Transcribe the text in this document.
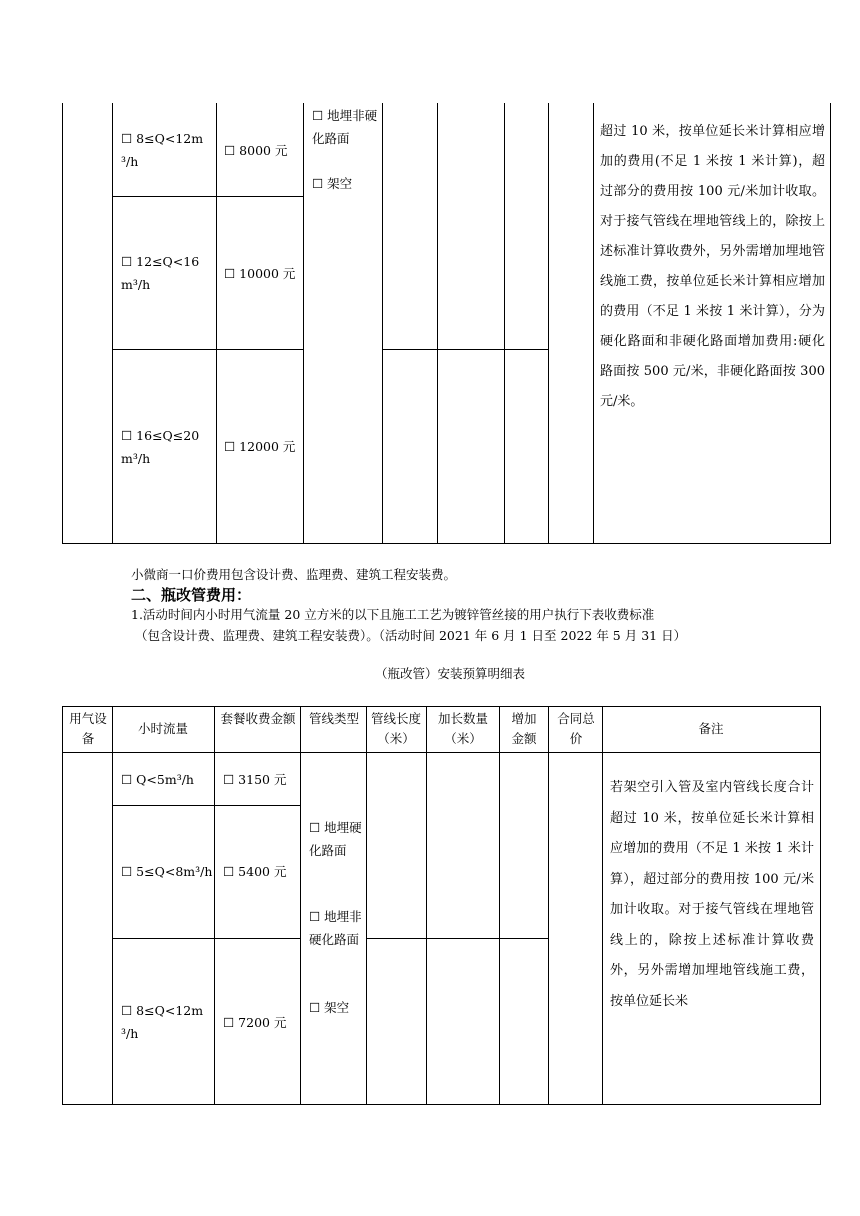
☐ 8≤Q<12m³/h
☐ 8000 元
☐ 12≤Q<16m³/h
☐ 10000 元
☐ 16≤Q≤20m³/h
☐ 12000 元
☐ 地埋非硬化路面
☐ 架空
超过 10 米，按单位延长米计算相应增加的费用(不足 1 米按 1 米计算)，超过部分的费用按 100 元/米加计收取。对于接气管线在埋地管线上的，除按上述标准计算收费外，另外需增加埋地管线施工费，按单位延长米计算相应增加的费用（不足 1 米按 1 米计算），分为硬化路面和非硬化路面增加费用:硬化路面按 500 元/米，非硬化路面按 300 元/米。
小微商一口价费用包含设计费、监理费、建筑工程安装费。
二、瓶改管费用：
1.活动时间内小时用气流量 20 立方米的以下且施工工艺为镀锌管丝接的用户执行下表收费标准
（包含设计费、监理费、建筑工程安装费）。（活动时间 2021 年 6 月 1 日至 2022 年 5 月 31 日）
（瓶改管）安装预算明细表
用气设备
小时流量
套餐收费金额 管线类型 管线长度（米）
加长数量（米）
增加金额
合同总价
备注
☐ Q<5m³/h ☐ 3150 元
☐ 5≤Q<8m³/h ☐ 5400 元
☐ 8≤Q<12m³/h
☐ 7200 元
☐ 地埋硬化路面
☐ 地埋非硬化路面
☐ 架空
若架空引入管及室内管线长度合计超过 10 米，按单位延长米计算相应增加的费用（不足 1 米按 1 米计算），超过部分的费用按 100 元/米加计收取。对于接气管线在埋地管线上的，除按上述标准计算收费外，另外需增加埋地管线施工费，按单位延长米
